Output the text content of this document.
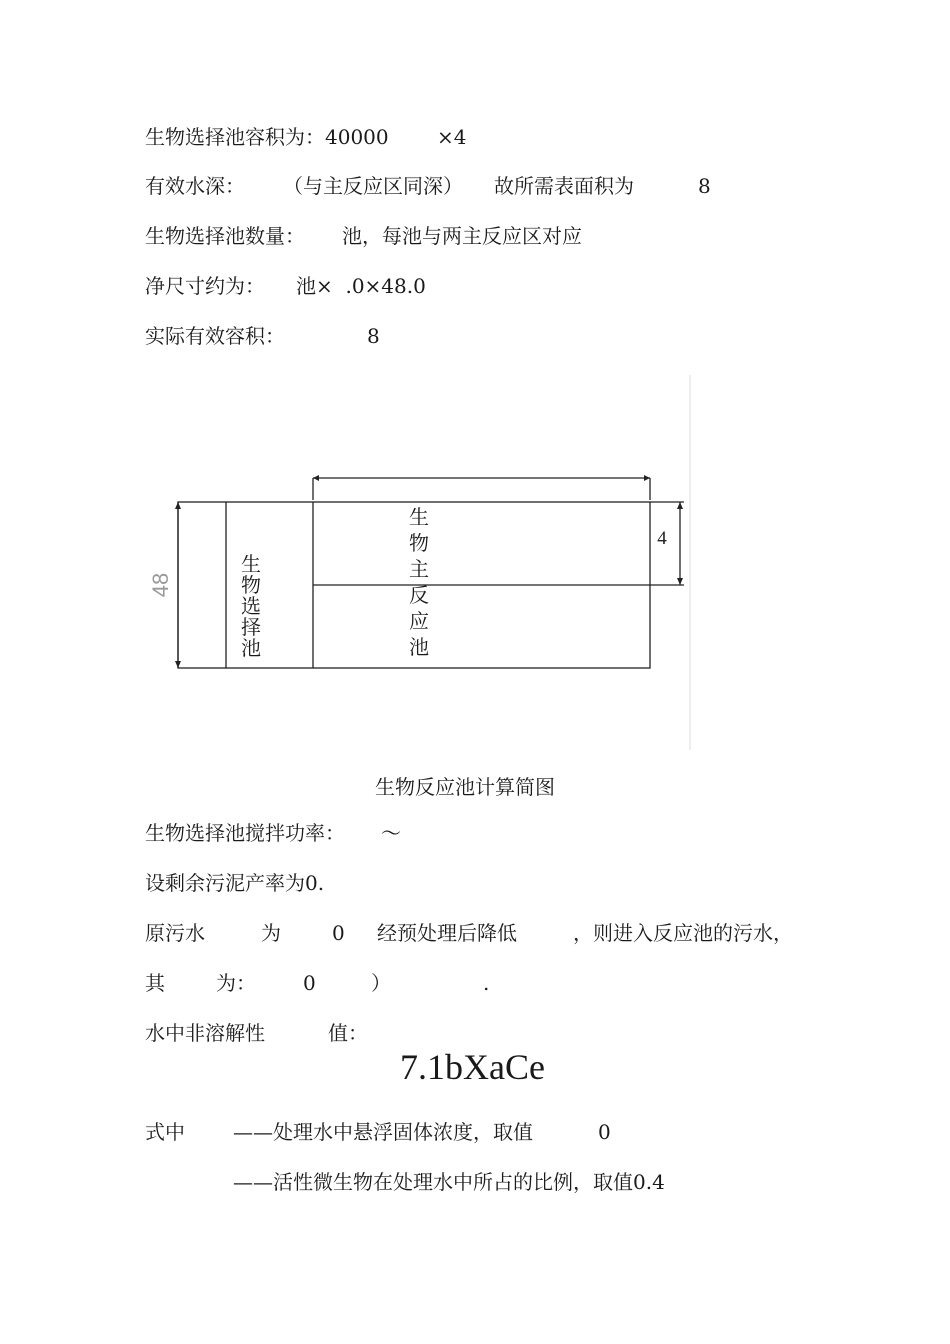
生物选择池容积为：40000 ×4
有效水深： （与主反应区同深） 故所需表面积为	8
生物选择池数量： 池，每池与两主反应区对应
净尺寸约为： 池×  .0×48.0
实际有效容积：	8
48
4
生
物
选
择
池
生
物
主
反
应
池
生物反应池计算简图
生物选择池搅拌功率： ～
设剩余污泥产率为0.
原污水	为	0 经预处理后降低	，则进入反应池的污水，
其	为： 0	）	.
水中非溶解性	值：
7.1bXaCe
式中 ——处理水中悬浮固体浓度，取值	0
——活性微生物在处理水中所占的比例，取值0.4
